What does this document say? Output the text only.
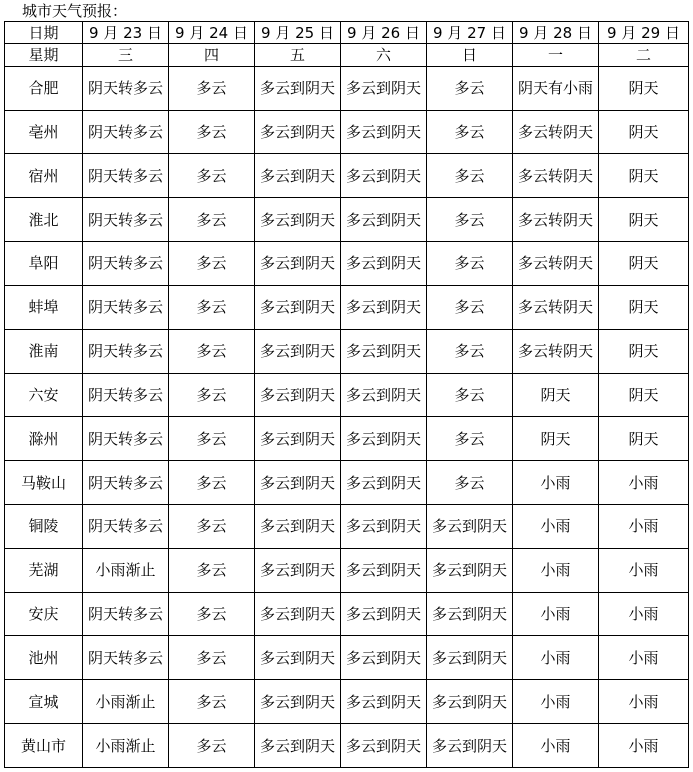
城市天气预报：
日期	9 月 23 日	9 月 24 日	9 月 25 日	9 月 26 日	9 月 27 日	9 月 28 日	9 月 29 日
星期	三	四	五	六	日	一	二
合肥	阴天转多云	多云	多云到阴天	多云到阴天	多云	阴天有小雨	阴天
亳州	阴天转多云	多云	多云到阴天	多云到阴天	多云	多云转阴天	阴天
宿州	阴天转多云	多云	多云到阴天	多云到阴天	多云	多云转阴天	阴天
淮北	阴天转多云	多云	多云到阴天	多云到阴天	多云	多云转阴天	阴天
阜阳	阴天转多云	多云	多云到阴天	多云到阴天	多云	多云转阴天	阴天
蚌埠	阴天转多云	多云	多云到阴天	多云到阴天	多云	多云转阴天	阴天
淮南	阴天转多云	多云	多云到阴天	多云到阴天	多云	多云转阴天	阴天
六安	阴天转多云	多云	多云到阴天	多云到阴天	多云	阴天	阴天
滁州	阴天转多云	多云	多云到阴天	多云到阴天	多云	阴天	阴天
马鞍山	阴天转多云	多云	多云到阴天	多云到阴天	多云	小雨	小雨
铜陵	阴天转多云	多云	多云到阴天	多云到阴天	多云到阴天	小雨	小雨
芜湖	小雨渐止	多云	多云到阴天	多云到阴天	多云到阴天	小雨	小雨
安庆	阴天转多云	多云	多云到阴天	多云到阴天	多云到阴天	小雨	小雨
池州	阴天转多云	多云	多云到阴天	多云到阴天	多云到阴天	小雨	小雨
宣城	小雨渐止	多云	多云到阴天	多云到阴天	多云到阴天	小雨	小雨
黄山市	小雨渐止	多云	多云到阴天	多云到阴天	多云到阴天	小雨	小雨
